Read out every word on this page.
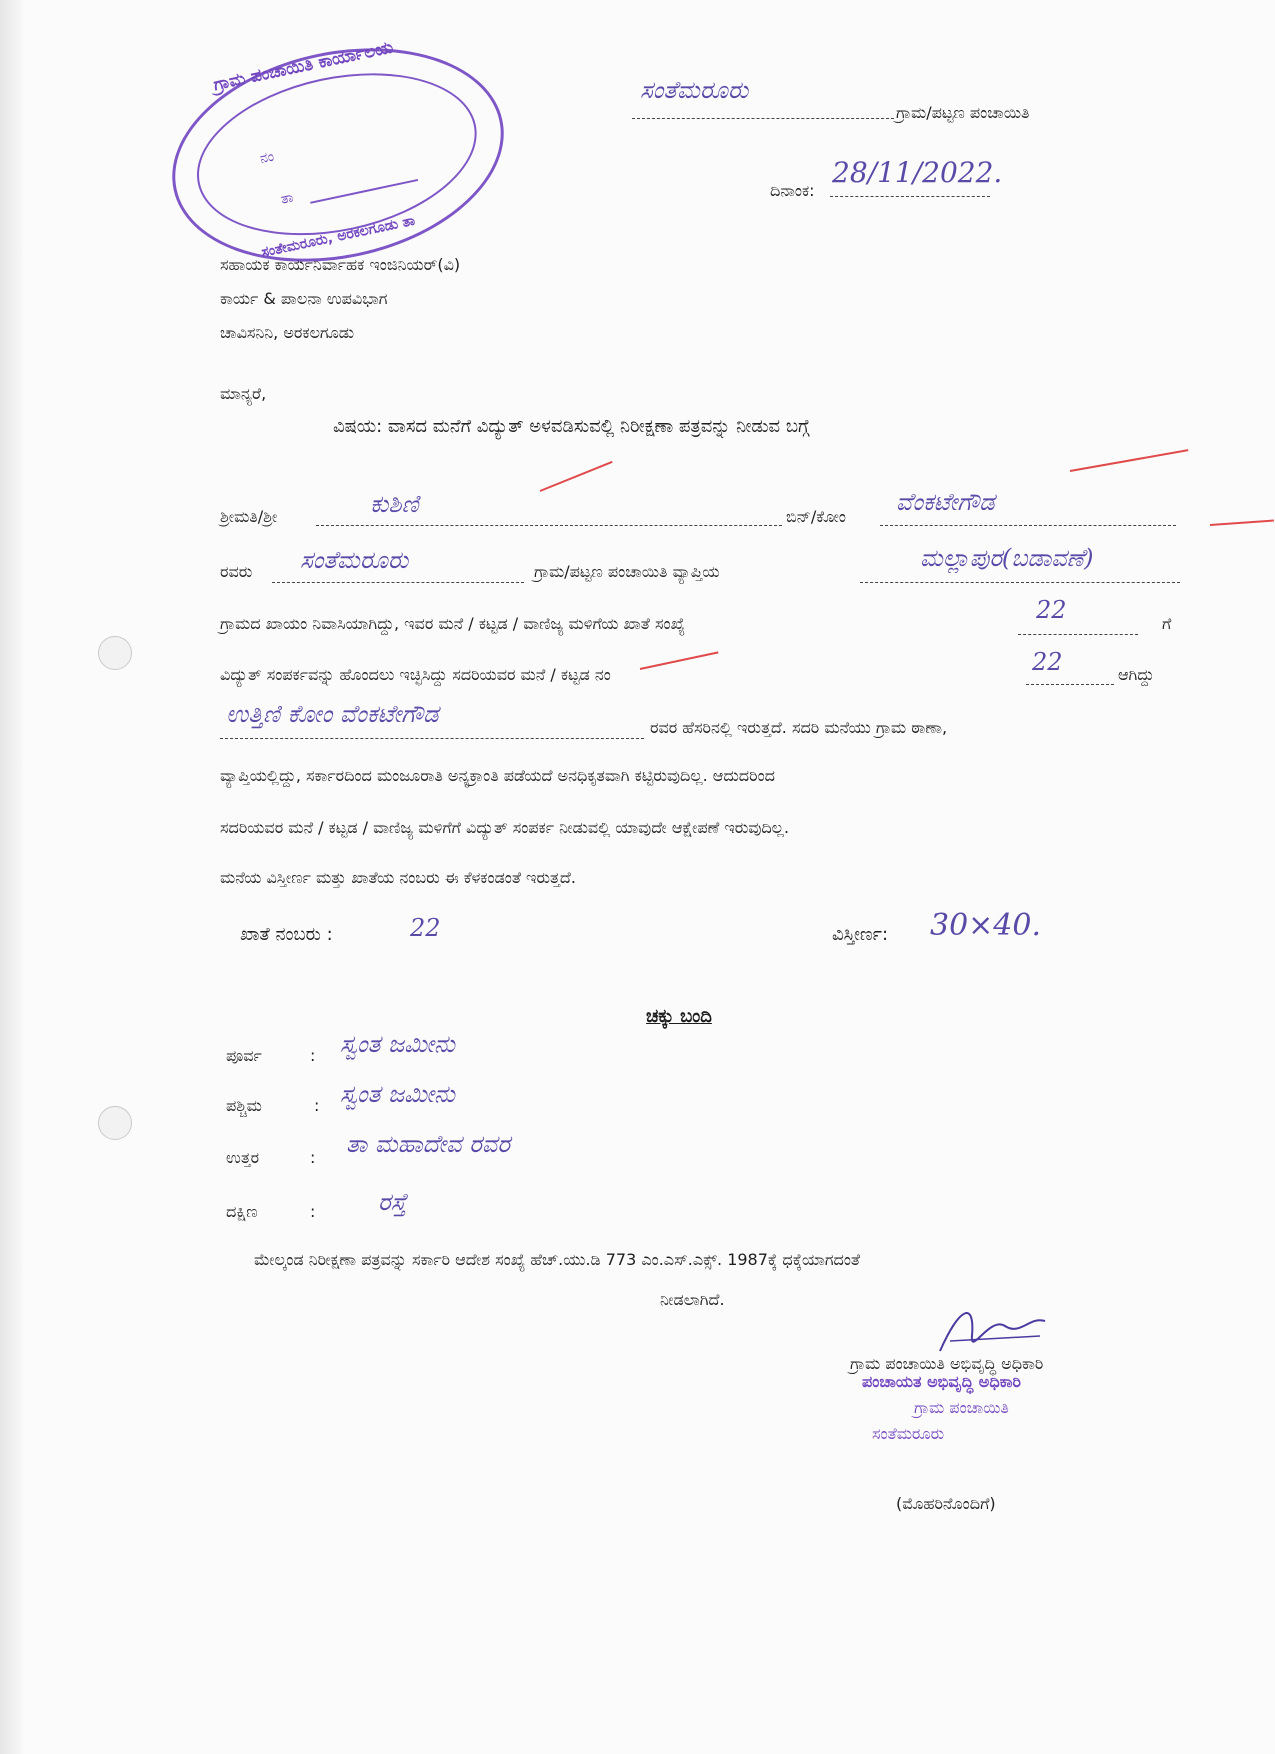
ಗ್ರಾಮ ಪಂಚಾಯಿತಿ ಕಾರ್ಯಾಲಯ
ನಂ
ತಾ
ಸಂತೇಮರೂರು, ಅರಕಲಗೂಡು ತಾ
ಸಂತೆಮರೂರು
ಗ್ರಾಮ/ಪಟ್ಟಣ ಪಂಚಾಯಿತಿ
ದಿನಾಂಕ:
28/11/2022.
ಸಹಾಯಕ ಕಾರ್ಯನಿರ್ವಾಹಕ ಇಂಜಿನಿಯರ್(ವಿ)
ಕಾರ್ಯ & ಪಾಲನಾ ಉಪವಿಭಾಗ
ಚಾವಿಸನಿನಿ, ಅರಕಲಗೂಡು
ಮಾನ್ಯರೆ,
ವಿಷಯ: ವಾಸದ ಮನೆಗೆ ವಿದ್ಯುತ್ ಅಳವಡಿಸುವಲ್ಲಿ ನಿರೀಕ್ಷಣಾ ಪತ್ರವನ್ನು ನೀಡುವ ಬಗ್ಗೆ
ಶ್ರೀಮತಿ/ಶ್ರೀ	ಕುಶಿಣಿ	ಬಿನ್/ಕೋಂ
ವೆಂಕಟೇಗೌಡ
ರವರು ಸಂತೆಮರೂರು	ಗ್ರಾಮ/ಪಟ್ಟಣ ಪಂಚಾಯಿತಿ ವ್ಯಾಪ್ತಿಯ	ಮಲ್ಲಾಪುರ(ಬಡಾವಣೆ)
ಗ್ರಾಮದ ಖಾಯಂ ನಿವಾಸಿಯಾಗಿದ್ದು, ಇವರ ಮನೆ / ಕಟ್ಟಡ / ವಾಣಿಜ್ಯ ಮಳಿಗೆಯ ಖಾತೆ ಸಂಖ್ಯೆ	22	ಗೆ
ವಿದ್ಯುತ್ ಸಂಪರ್ಕವನ್ನು ಹೊಂದಲು ಇಚ್ಛಿಸಿದ್ದು ಸದರಿಯವರ ಮನೆ / ಕಟ್ಟಡ ನಂ	22	ಆಗಿದ್ದು
ಉತ್ತಿಣಿ ಕೋಂ ವೆಂಕಟೇಗೌಡ	ರವರ ಹೆಸರಿನಲ್ಲಿ ಇರುತ್ತದೆ. ಸದರಿ ಮನೆಯು ಗ್ರಾಮ ಠಾಣಾ,
ವ್ಯಾಪ್ತಿಯಲ್ಲಿದ್ದು, ಸರ್ಕಾರದಿಂದ ಮಂಜೂರಾತಿ ಅನ್ಯಕ್ರಾಂತಿ ಪಡೆಯದೆ ಅನಧಿಕೃತವಾಗಿ ಕಟ್ಟಿರುವುದಿಲ್ಲ. ಆದುದರಿಂದ
ಸದರಿಯವರ ಮನೆ / ಕಟ್ಟಡ / ವಾಣಿಜ್ಯ ಮಳಿಗೆಗೆ ವಿದ್ಯುತ್ ಸಂಪರ್ಕ ನೀಡುವಲ್ಲಿ ಯಾವುದೇ ಆಕ್ಷೇಪಣೆ ಇರುವುದಿಲ್ಲ.
ಮನೆಯ ವಿಸ್ತೀರ್ಣ ಮತ್ತು ಖಾತೆಯ ನಂಬರು ಈ ಕೆಳಕಂಡಂತೆ ಇರುತ್ತದೆ.
ಖಾತೆ ನಂಬರು :	22	ವಿಸ್ತೀರ್ಣ: 30×40.
ಚಕ್ಕು ಬಂದಿ
ಪೂರ್ವ	: ಸ್ವಂತ ಜಮೀನು
ಪಶ್ಚಿಮ	: ಸ್ವಂತ ಜಮೀನು
ಉತ್ತರ	: ತಾ ಮಹಾದೇವ ರವರ
ದಕ್ಷಿಣ	:	ರಸ್ತೆ
ಮೇಲ್ಕಂಡ ನಿರೀಕ್ಷಣಾ ಪತ್ರವನ್ನು ಸರ್ಕಾರಿ ಆದೇಶ ಸಂಖ್ಯೆ ಹೆಚ್.ಯು.ಡಿ 773 ಎಂ.ಎಸ್.ಎಕ್ಸ್. 1987ಕ್ಕೆ ಧಕ್ಕೆಯಾಗದಂತೆ
ನೀಡಲಾಗಿದೆ.
ಗ್ರಾಮ ಪಂಚಾಯಿತಿ ಅಭಿವೃದ್ಧಿ ಅಧಿಕಾರಿ
ಪಂಚಾಯತ ಅಭಿವೃದ್ಧಿ ಅಧಿಕಾರಿ
ಗ್ರಾಮ ಪಂಚಾಯಿತಿ
ಸಂತೆಮರೂರು
(ಮೊಹರಿನೊಂದಿಗೆ)
